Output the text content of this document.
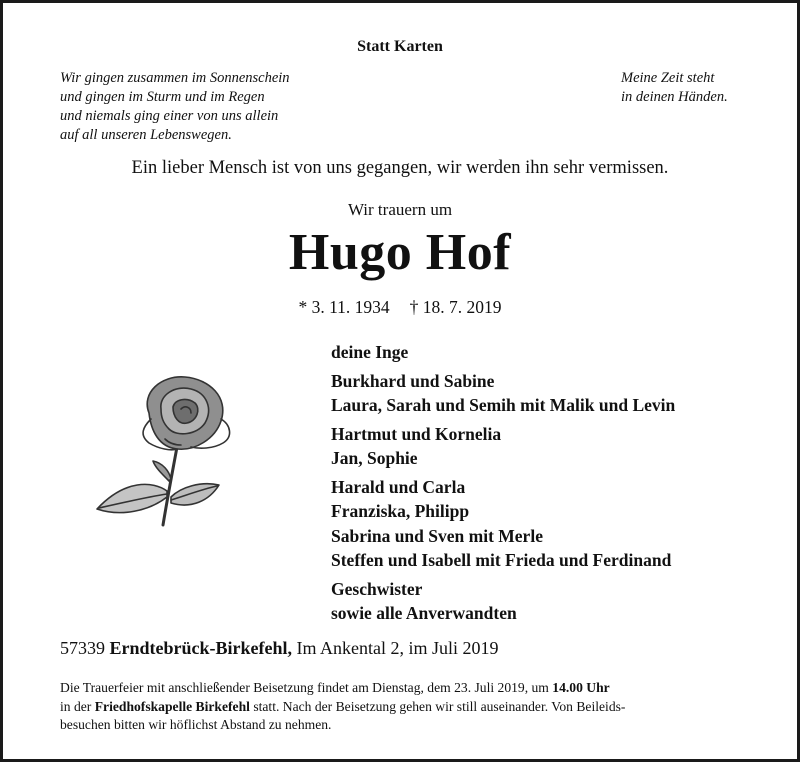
Statt Karten
Wir gingen zusammen im Sonnenschein
und gingen im Sturm und im Regen
und niemals ging einer von uns allein
auf all unseren Lebenswegen.
Meine Zeit steht
in deinen Händen.
Ein lieber Mensch ist von uns gegangen, wir werden ihn sehr vermissen.
Wir trauern um
Hugo Hof
* 3. 11. 1934 † 18. 7. 2019
deine Inge
Burkhard und Sabine
Laura, Sarah und Semih mit Malik und Levin
Hartmut und Kornelia
Jan, Sophie
Harald und Carla
Franziska, Philipp
Sabrina und Sven mit Merle
Steffen und Isabell mit Frieda und Ferdinand
Geschwister
sowie alle Anverwandten
57339 Erndtebrück-Birkefehl, Im Ankental 2, im Juli 2019
Die Trauerfeier mit anschließender Beisetzung findet am Dienstag, dem 23. Juli 2019, um 14.00 Uhr
in der Friedhofskapelle Birkefehl statt. Nach der Beisetzung gehen wir still auseinander. Von Beileids-
besuchen bitten wir höflichst Abstand zu nehmen.
